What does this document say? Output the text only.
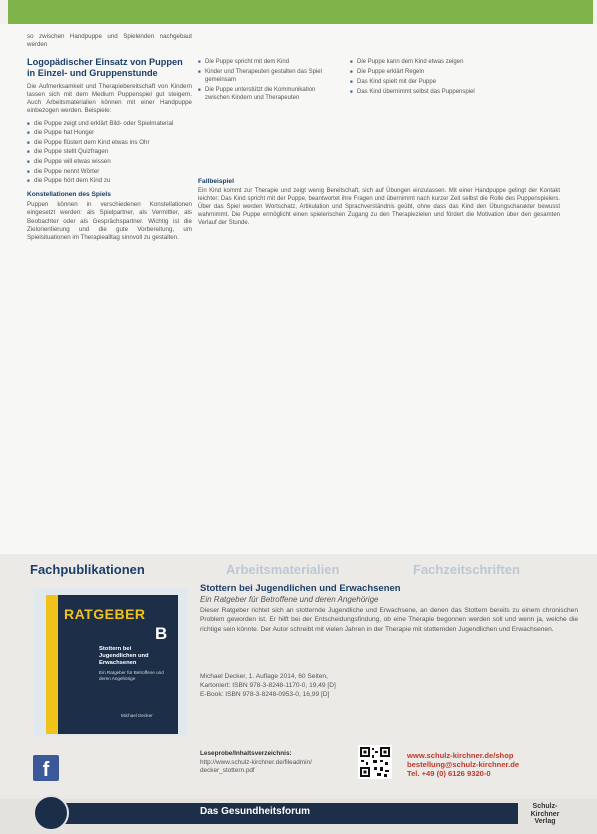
so zwischen Handpuppe und Spielenden nachgebaut werden

Logopädischer Einsatz von Puppen in Einzel- und Gruppenstunde

Die Aufmerksamkeit und Therapiebereitschaft von Kindern lassen sich mit dem Medium Puppenspiel gut steigern. Auch Arbeitsmaterialien können mit einer Handpuppe einbezogen werden. Beispiele:

■ die Puppe zeigt und erklärt Bild- oder Spielmaterial
■ die Puppe hat Hunger
■ die Puppe flüstert dem Kind etwas ins Ohr
■ die Puppe stellt Quizfragen
■ die Puppe will etwas wissen
■ die Puppe nennt Wörter
■ die Puppe hört dem Kind zu
Konstellationen des Spiels

Puppen können in verschiedenen Konstellationen eingesetzt werden: als Spielpartner, als Vermittler, als Beobachter oder als Gesprächspartner. Wichtig ist die Zielorientierung und die gute Vorbereitung, um Spielsituationen im Therapiealltag sinnvoll zu gestalten.

■ Die Puppe spricht mit dem Kind
■ Kinder und Therapeuten gestalten das Spiel gemeinsam
■ Die Puppe unterstützt die Kommunikation zwischen Kindern und Therapeuten
■ Die Puppe kann dem Kind etwas zeigen
■ Die Puppe erklärt Regeln
■ Das Kind spielt mit der Puppe
■ Das Kind übernimmt selbst das Puppenspiel
Fallbeispiel

Ein Kind kommt zur Therapie und zeigt wenig Bereitschaft, sich auf Übungen einzulassen. Mit einer Handpuppe gelingt der Kontakt leichter: Das Kind spricht mit der Puppe, beantwortet ihre Fragen und übernimmt nach kurzer Zeit selbst die Rolle des Puppenspielers. Über das Spiel werden Wortschatz, Artikulation und Sprachverständnis geübt, ohne dass das Kind den Übungscharakter bewusst wahrnimmt. Die Puppe ermöglicht einen spielerischen Zugang zu den Therapiezielen und fördert die Motivation über den gesamten Verlauf der Stunde.

Fachpublikationen	Arbeitsmaterialien	Fachzeitschriften
RATGEBER
B
Stottern bei Jugendlichen und Erwachsenen
Ein Ratgeber für Betroffene und deren Angehörige
Michael Decker
Stottern bei Jugendlichen und Erwachsenen
Ein Ratgeber für Betroffene und deren Angehörige
Dieser Ratgeber richtet sich an stotternde Jugendliche und Erwachsene, an denen das Stottern bereits zu einem chronischen Problem geworden ist. Er hilft bei der Entscheidungsfindung, ob eine Therapie begonnen werden soll und wenn ja, welche die richtige sein könnte. Der Autor schreibt mit vielen Jahren in der Therapie mit stotternden Jugendlichen und Erwachsenen.
Michael Decker, 1. Auflage 2014, 60 Seiten,
Kartoniert: ISBN 978-3-8248-1170-0, 19,49 [D]
E-Book: ISBN 978-3-8248-0953-0, 16,99 [D]
Leseprobe/Inhaltsverzeichnis:
http://www.schulz-kirchner.de/fileadmin/
decker_stottern.pdf
www.schulz-kirchner.de/shop
bestellung@schulz-kirchner.de
Tel. +49 (0) 6126 9320-0
f
Das Gesundheitsforum	Schulz-
Kirchner
Verlag
